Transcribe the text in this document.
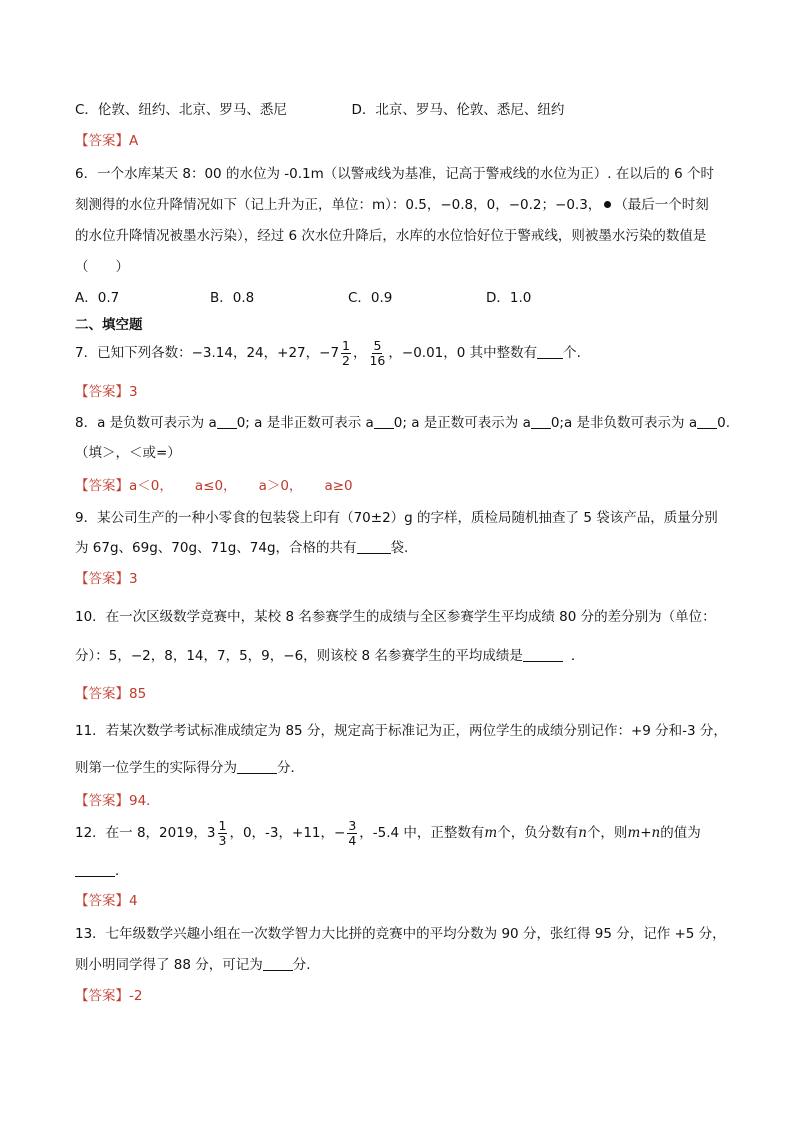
C．伦敦、纽约、北京、罗马、悉尼	D．北京、罗马、伦敦、悉尼、纽约
【答案】A
6．一个水库某天 8：00 的水位为 -0.1m（以警戒线为基准，记高于警戒线的水位为正）. 在以后的 6 个时
刻测得的水位升降情况如下（记上升为正，单位：m）：0.5，−0.8，0，−0.2；−0.3， （最后一个时刻
的水位升降情况被墨水污染），经过 6 次水位升降后，水库的水位恰好位于警戒线，则被墨水污染的数值是
（　　）
A．0.7	B．0.8	C．0.9	D．1.0
二、填空题
7．已知下列各数：−3.14，24，+27，$-7 \frac{1}{2}$ ， $\frac{5}{16}$ ，−0.01，0 其中整数有 个.
【答案】3
8．a 是负数可表示为 a 0; a 是非正数可表示 a 0; a 是正数可表示为 a 0;a 是非负数可表示为 a 0.
（填＞，＜或=）
【答案】a＜0， a≤0， a＞0， a≥0
9．某公司生产的一种小零食的包装袋上印有（70±2）g 的字样，质检局随机抽查了 5 袋该产品，质量分别
为 67g、69g、70g、71g、74g，合格的共有	袋.
【答案】3
10．在一次区级数学竞赛中，某校 8 名参赛学生的成绩与全区参赛学生平均成绩 80 分的差分别为（单位：
分）：5，−2，8，14，7，5，9，−6，则该校 8 名参赛学生的平均成绩是	．
【答案】85
11．若某次数学考试标准成绩定为 85 分，规定高于标准记为正，两位学生的成绩分别记作：+9 分和-3 分，
则第一位学生的实际得分为	分．
【答案】94．
12．在一 8，2019，$3 \frac{1}{3}$ ，0，-3，+11，− $\frac{3}{4}$ ，-5.4 中，正整数有m个，负分数有n个，则m+n的值为
．
【答案】4
13．七年级数学兴趣小组在一次数学智力大比拼的竞赛中的平均分数为 90 分，张红得 95 分，记作 +5 分，
则小明同学得了 88 分，可记为 分.
【答案】-2
